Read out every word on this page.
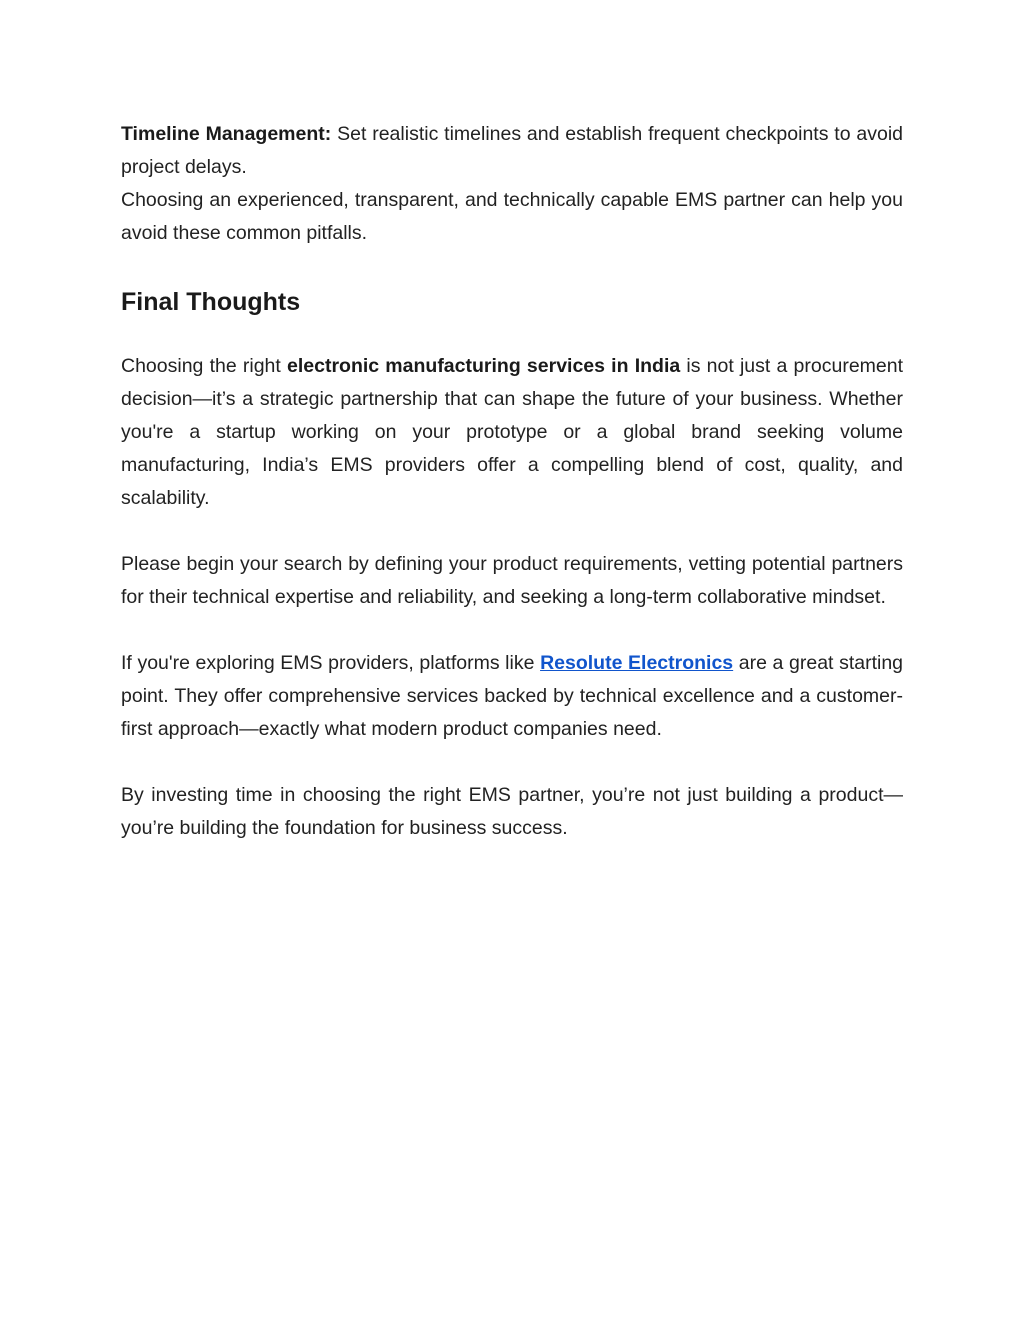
Timeline Management: Set realistic timelines and establish frequent checkpoints to avoid project delays.

Choosing an experienced, transparent, and technically capable EMS partner can help you avoid these common pitfalls.

Final Thoughts

Choosing the right electronic manufacturing services in India is not just a procurement decision—it’s a strategic partnership that can shape the future of your business. Whether you're a startup working on your prototype or a global brand seeking volume manufacturing, India’s EMS providers offer a compelling blend of cost, quality, and scalability.

Please begin your search by defining your product requirements, vetting potential partners for their technical expertise and reliability, and seeking a long-term collaborative mindset.

If you're exploring EMS providers, platforms like Resolute Electronics are a great starting point. They offer comprehensive services backed by technical excellence and a customer-first approach—exactly what modern product companies need.

By investing time in choosing the right EMS partner, you’re not just building a product—you’re building the foundation for business success.
